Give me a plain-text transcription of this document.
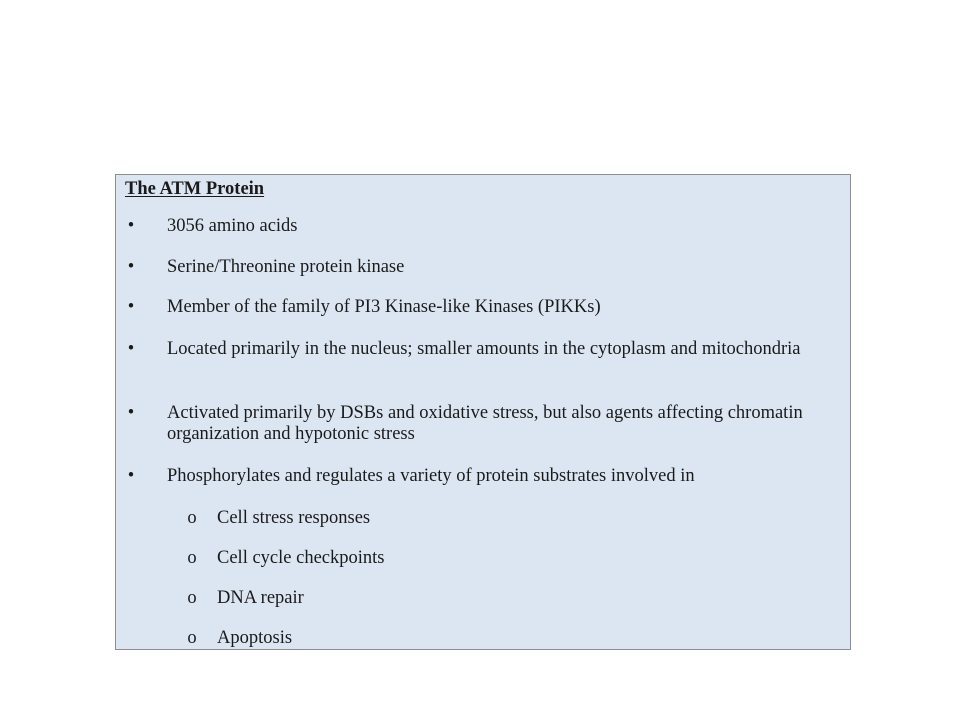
The ATM Protein
• 3056 amino acids
• Serine/Threonine protein kinase
• Member of the family of PI3 Kinase-like Kinases (PIKKs)
• Located primarily in the nucleus; smaller amounts in the cytoplasm and mitochondria
• Activated primarily by DSBs and oxidative stress, but also agents affecting chromatin organization and hypotonic stress
• Phosphorylates and regulates a variety of protein substrates involved in
o Cell stress responses
o Cell cycle checkpoints
o DNA repair
o Apoptosis
